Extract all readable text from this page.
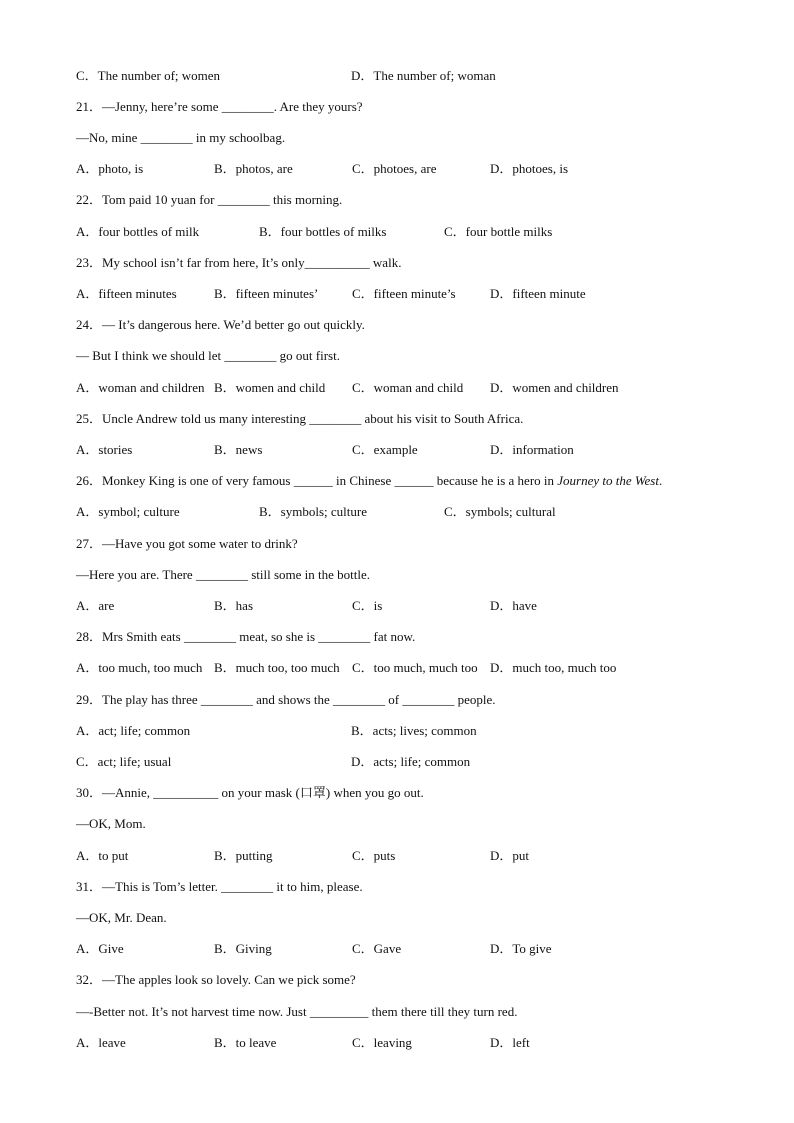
C．The number of; women

	D．The number of; woman

21．—Jenny, here’re some ________. Are they yours?
—No, mine ________ in my schoolbag.

A．photo, is

	B．photos, are

	C．photoes, are

	D．photoes, is

22．Tom paid 10 yuan for ________ this morning.

A．four bottles of milk

	B．four bottles of milks

	C．four bottle milks

23．My school isn’t far from here, It’s only__________ walk.

A．fifteen minutes

	B．fifteen minutes’

	C．fifteen minute’s

	D．fifteen minute

24．— It’s dangerous here. We’d better go out quickly.
— But I think we should let ________ go out first.

A．woman and children

B．women and child

C．woman and child

D．women and children

25．Uncle Andrew told us many interesting ________ about his visit to South Africa.

A．stories

	B．news

	C．example

	D．information

26．Monkey King is one of very famous ______ in Chinese ______ because he is a hero in Journey to the West.

A．symbol; culture

	B．symbols; culture

	C．symbols; cultural

27．—Have you got some water to drink?
—Here you are. There ________ still some in the bottle.

A．are

	B．has

	C．is

	D．have

28．Mrs Smith eats ________ meat, so she is ________ fat now.

A．too much, too much

B．much too, too much

C．too much, much too

D．much too, much too

29．The play has three ________ and shows the ________ of ________ people.

A．act; life; common

	B．acts; lives; common

C．act; life; usual

	D．acts; life; common

30．—Annie, __________ on your mask (口罩) when you go out.
—OK, Mom.

A．to put

	B．putting

	C．puts

	D．put

31．—This is Tom’s letter. ________ it to him, please.
—OK, Mr. Dean.

A．Give

	B．Giving

	C．Gave

	D．To give

32．—The apples look so lovely. Can we pick some?
—-Better not. It’s not harvest time now. Just _________ them there till they turn red.

A．leave

	B．to leave

	C．leaving

	D．left
